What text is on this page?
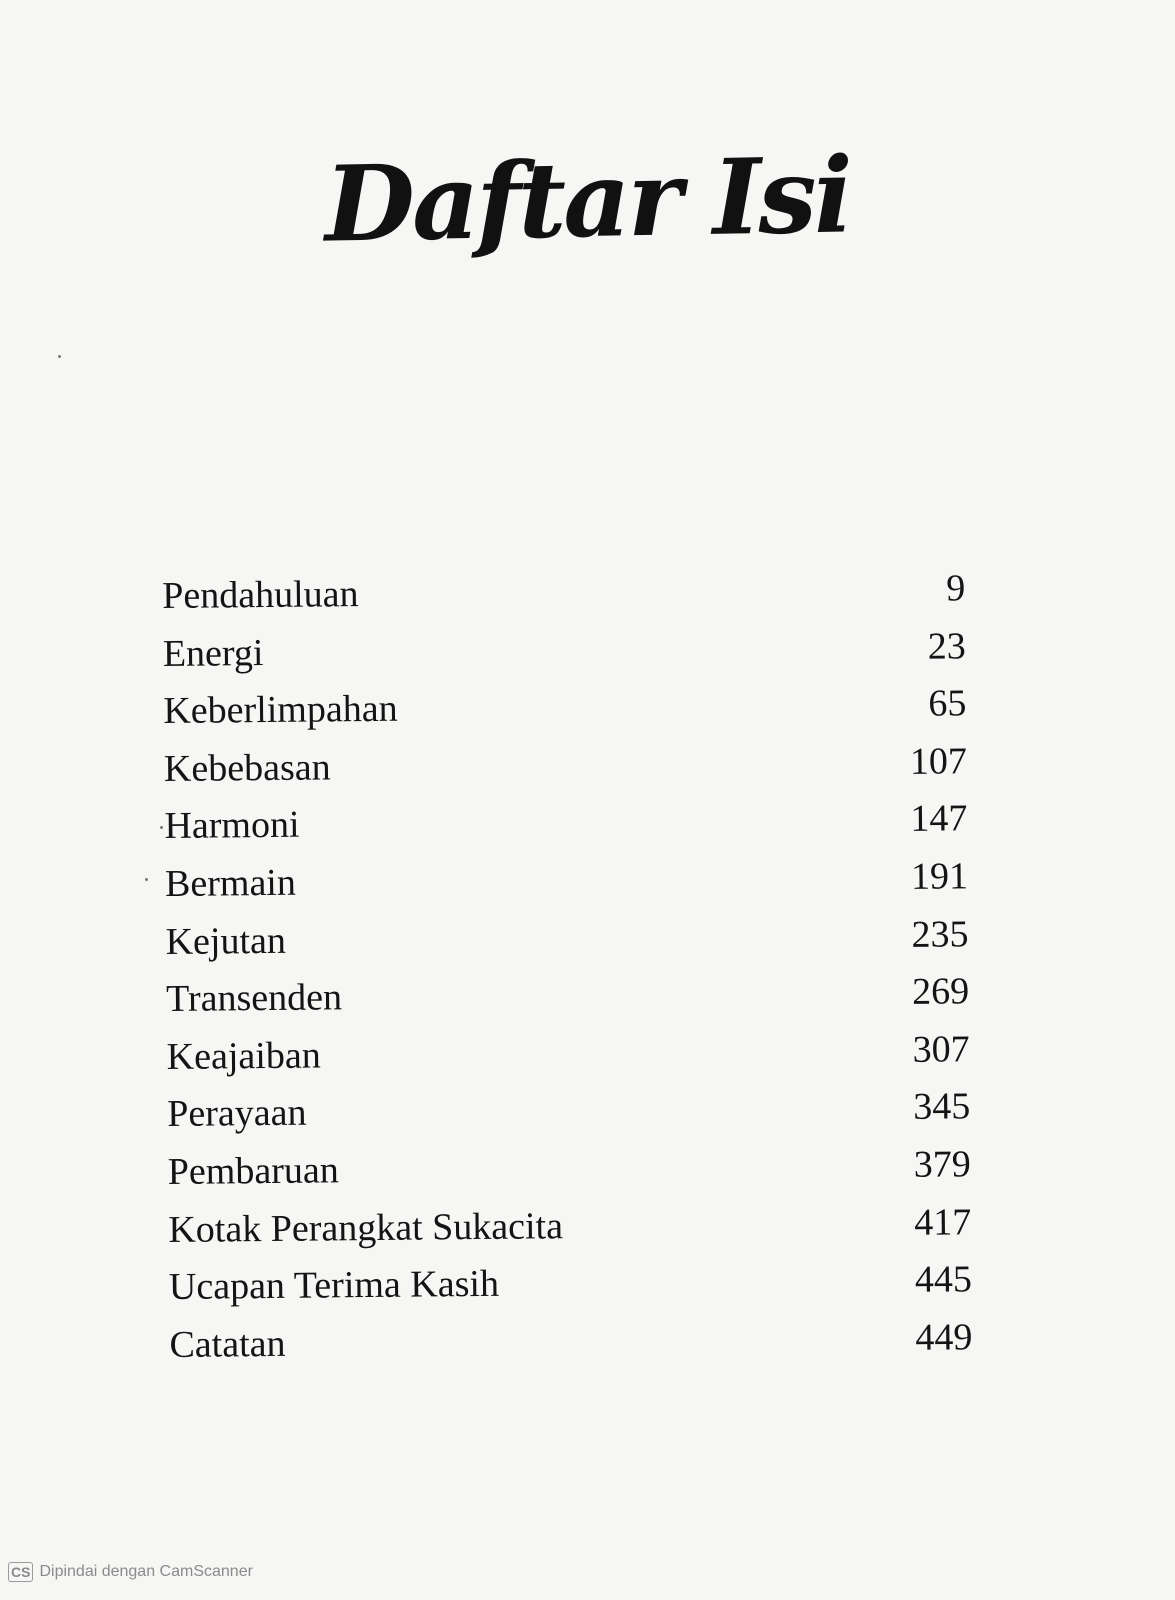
Daftar Isi
Pendahuluan	9
Energi	23
Keberlimpahan	65
Kebebasan	107
Harmoni	147
Bermain	191
Kejutan	235
Transenden	269
Keajaiban	307
Perayaan	345
Pembaruan	379
Kotak Perangkat Sukacita	417
Ucapan Terima Kasih	445
Catatan	449
CS Dipindai dengan CamScanner
